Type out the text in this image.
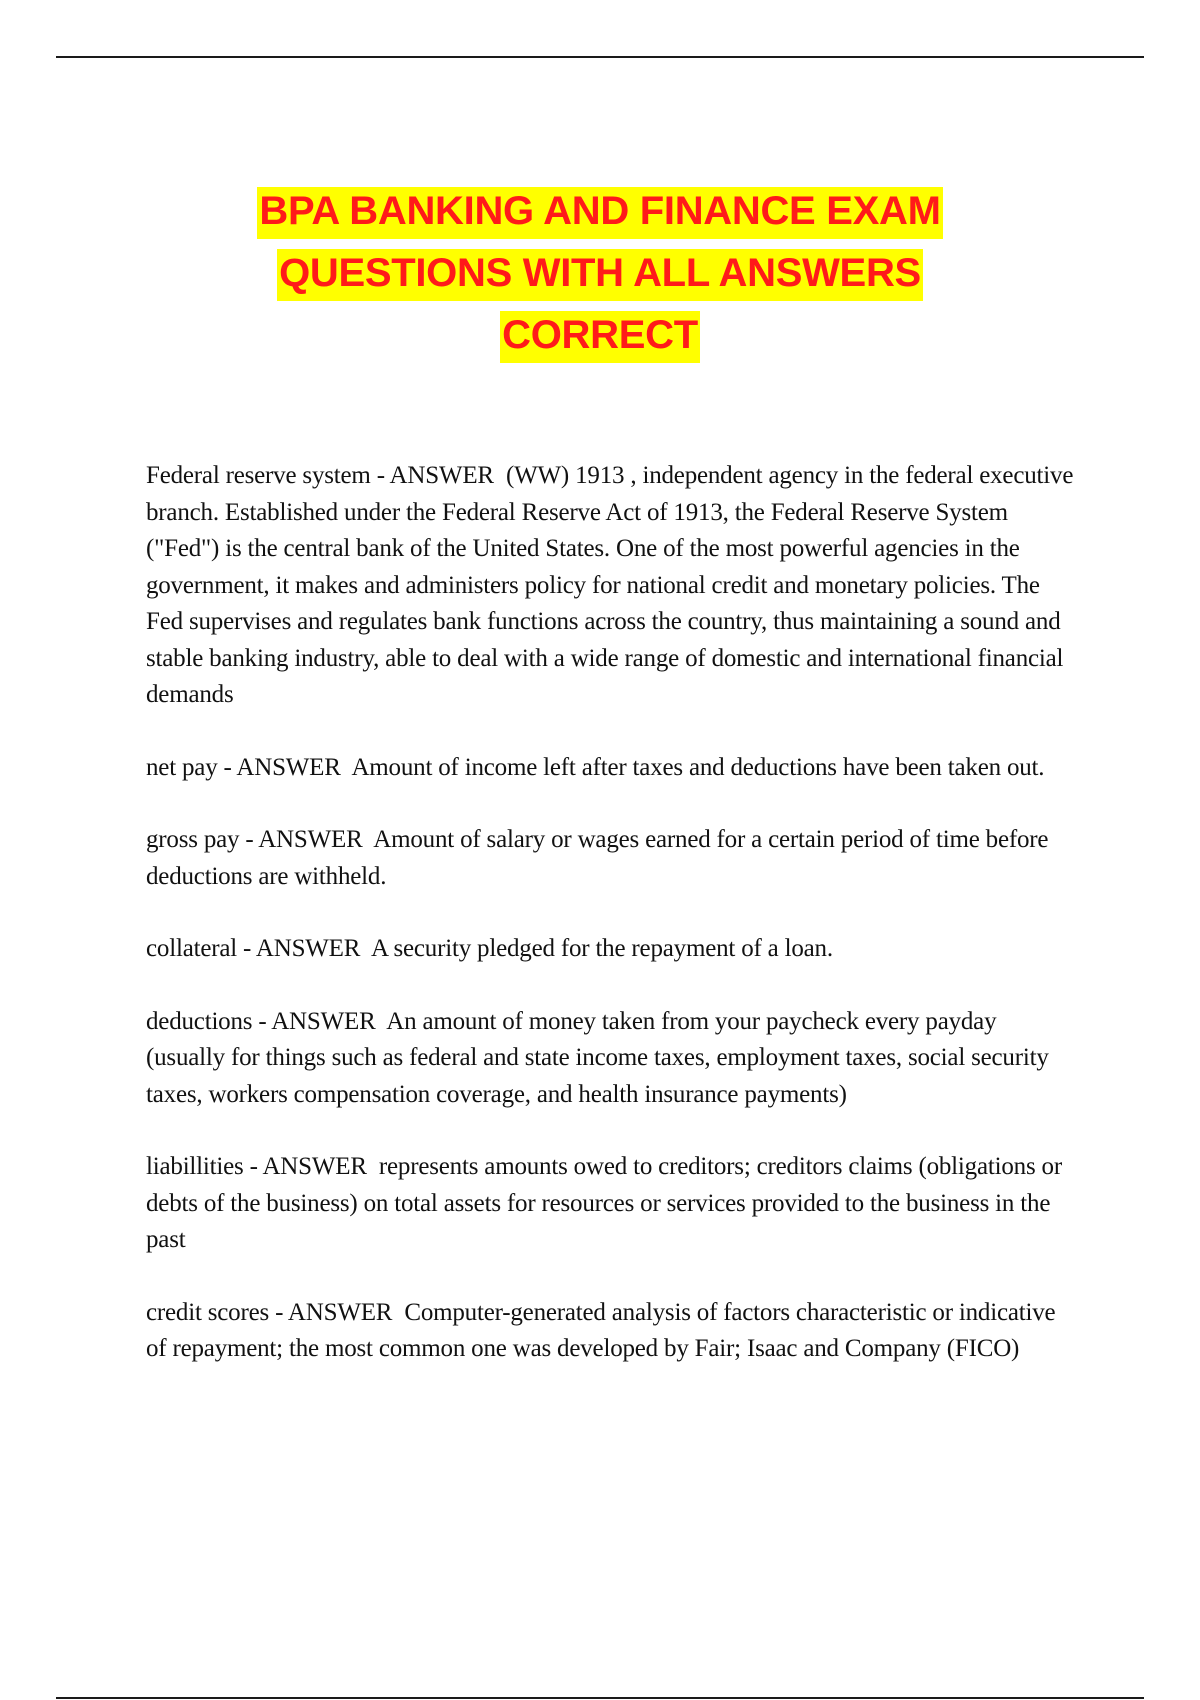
BPA BANKING AND FINANCE EXAM
QUESTIONS WITH ALL ANSWERS
CORRECT

Federal reserve system - ANSWER  (WW) 1913 , independent agency in the federal executive branch. Established under the Federal Reserve Act of 1913, the Federal Reserve System ("Fed") is the central bank of the United States. One of the most powerful agencies in the government, it makes and administers policy for national credit and monetary policies. The Fed supervises and regulates bank functions across the country, thus maintaining a sound and stable banking industry, able to deal with a wide range of domestic and international financial demands

net pay - ANSWER  Amount of income left after taxes and deductions have been taken out.

gross pay - ANSWER  Amount of salary or wages earned for a certain period of time before deductions are withheld.

collateral - ANSWER  A security pledged for the repayment of a loan.

deductions - ANSWER  An amount of money taken from your paycheck every payday (usually for things such as federal and state income taxes, employment taxes, social security taxes, workers compensation coverage, and health insurance payments)

liabillities - ANSWER  represents amounts owed to creditors; creditors claims (obligations or debts of the business) on total assets for resources or services provided to the business in the past

credit scores - ANSWER  Computer-generated analysis of factors characteristic or indicative of repayment; the most common one was developed by Fair; Isaac and Company (FICO)
